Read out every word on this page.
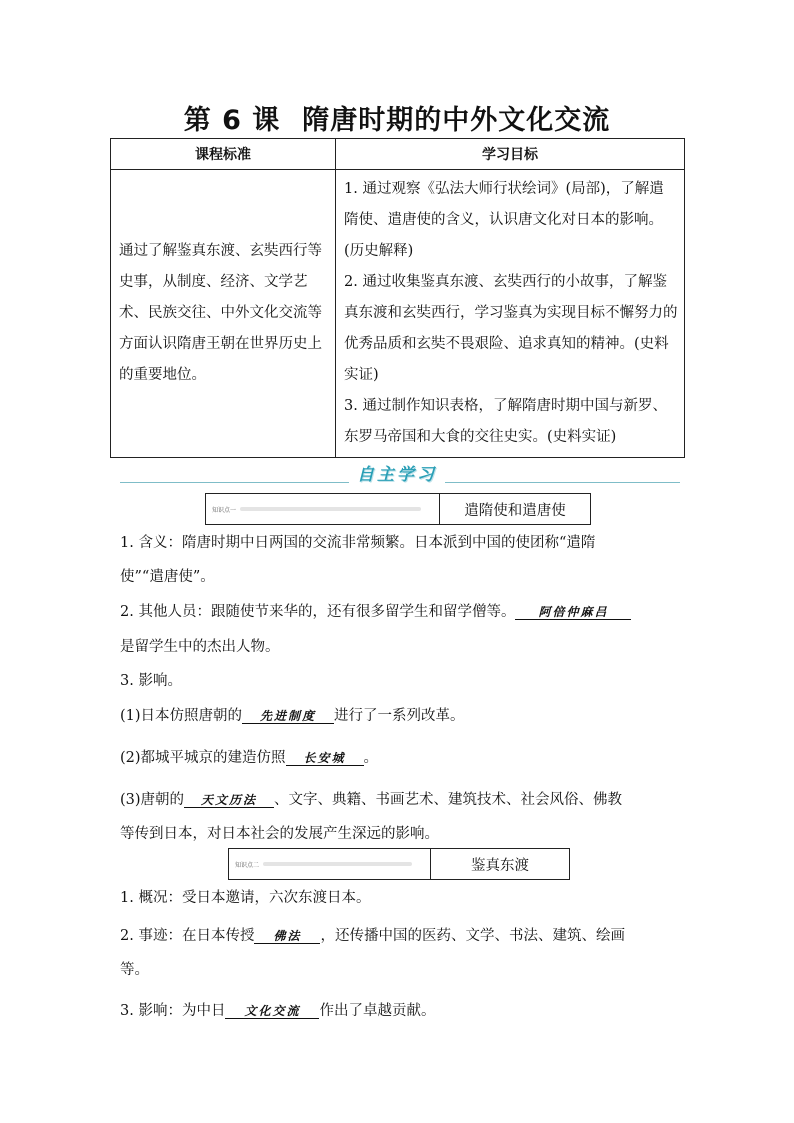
第 6 课 隋唐时期的中外文化交流
课程标准	学习目标
通过了解鉴真东渡、玄奘西行等史事，从制度、经济、文学艺术、民族交往、中外文化交流等方面认识隋唐王朝在世界历史上的重要地位。	1. 通过观察《弘法大师行状绘词》(局部)，了解遣隋使、遣唐使的含义，认识唐文化对日本的影响。(历史解释)

2. 通过收集鉴真东渡、玄奘西行的小故事，了解鉴真东渡和玄奘西行，学习鉴真为实现目标不懈努力的优秀品质和玄奘不畏艰险、追求真知的精神。(史料实证)

3. 通过制作知识表格，了解隋唐时期中国与新罗、东罗马帝国和大食的交往史实。(史料实证)

自主学习
知识点一	遣隋使和遣唐使

1. 含义：隋唐时期中日两国的交流非常频繁。日本派到中国的使团称“遣隋

使”“遣唐使”。

2. 其他人员：跟随使节来华的，还有很多留学生和留学僧等。 阿倍仲麻吕

是留学生中的杰出人物。

3. 影响。

(1)日本仿照唐朝的 先进制度 进行了一系列改革。

(2)都城平城京的建造仿照 长安城 。

(3)唐朝的 天文历法 、文字、典籍、书画艺术、建筑技术、社会风俗、佛教

等传到日本，对日本社会的发展产生深远的影响。

知识点二	鉴真东渡

1. 概况：受日本邀请，六次东渡日本。

2. 事迹：在日本传授 佛法 ，还传播中国的医药、文学、书法、建筑、绘画

等。

3. 影响：为中日 文化交流 作出了卓越贡献。
